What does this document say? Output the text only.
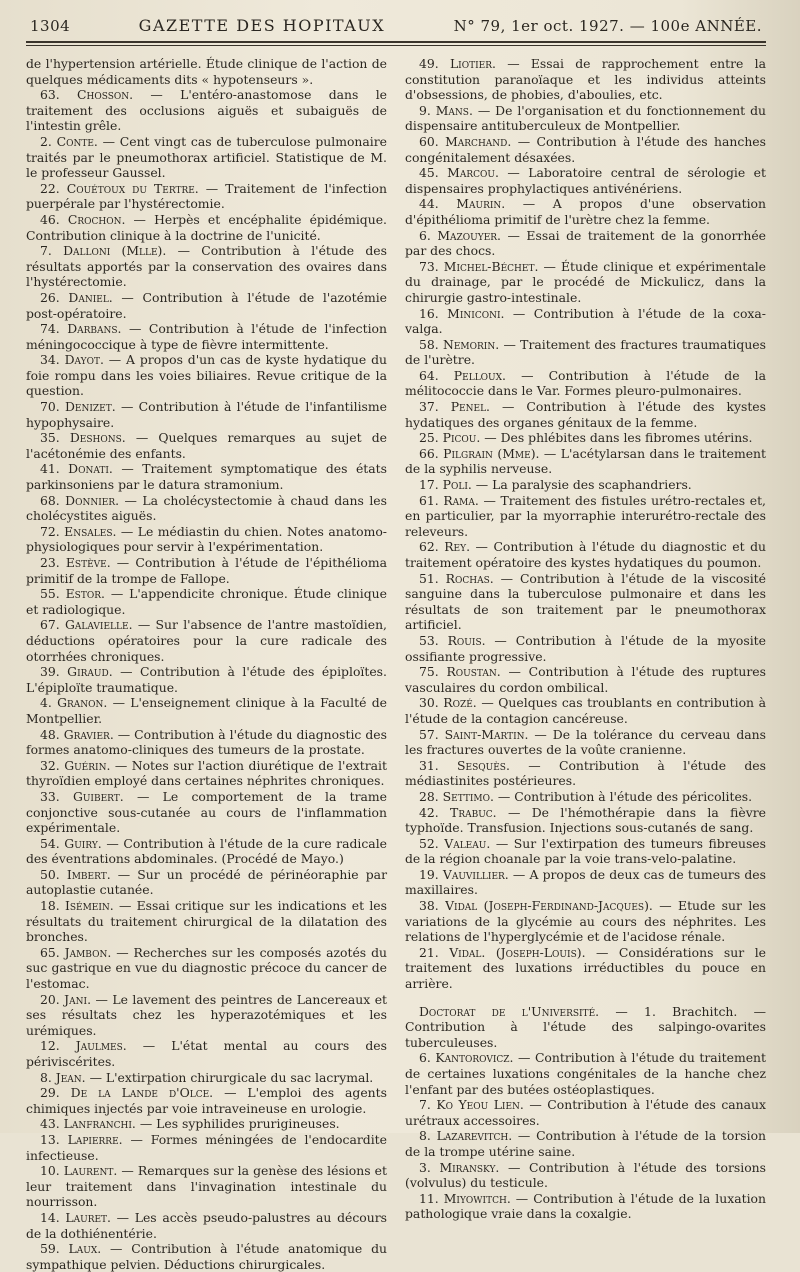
1304	GAZETTE DES HOPITAUX	N° 79, 1er oct. 1927. — 100e ANNÉE.

de l'hypertension artérielle. Étude clinique de l'action de quelques médicaments dits « hypotenseurs ».

63. Chosson. — L'entéro-anastomose dans le traitement des occlusions aiguës et subaiguës de l'intestin grêle.

2. Conte. — Cent vingt cas de tuberculose pulmonaire traités par le pneumothorax artificiel. Statistique de M. le professeur Gaussel.

22. Couétoux du Tertre. — Traitement de l'infection puerpérale par l'hystérectomie.

46. Crochon. — Herpès et encéphalite épidémique. Contribution clinique à la doctrine de l'unicité.

7. Dalloni (Mlle). — Contribution à l'étude des résultats apportés par la conservation des ovaires dans l'hystérectomie.

26. Daniel. — Contribution à l'étude de l'azotémie post-opératoire.

74. Darbans. — Contribution à l'étude de l'infection méningococcique à type de fièvre intermittente.

34. Dayot. — A propos d'un cas de kyste hydatique du foie rompu dans les voies biliaires. Revue critique de la question.

70. Denizet. — Contribution à l'étude de l'infantilisme hypophysaire.

35. Deshons. — Quelques remarques au sujet de l'acétonémie des enfants.

41. Donati. — Traitement symptomatique des états parkinsoniens par le datura stramonium.

68. Donnier. — La cholécystectomie à chaud dans les cholécystites aiguës.

72. Ensales. — Le médiastin du chien. Notes anatomo-physiologiques pour servir à l'expérimentation.

23. Estève. — Contribution à l'étude de l'épithélioma primitif de la trompe de Fallope.

55. Estor. — L'appendicite chronique. Étude clinique et radiologique.

67. Galavielle. — Sur l'absence de l'antre mastoïdien, déductions opératoires pour la cure radicale des otorrhées chroniques.

39. Giraud. — Contribution à l'étude des épiploïtes. L'épiploïte traumatique.

4. Granon. — L'enseignement clinique à la Faculté de Montpellier.

48. Gravier. — Contribution à l'étude du diagnostic des formes anatomo-cliniques des tumeurs de la prostate.

32. Guérin. — Notes sur l'action diurétique de l'extrait thyroïdien employé dans certaines néphrites chroniques.

33. Guibert. — Le comportement de la trame conjonctive sous-cutanée au cours de l'inflammation expérimentale.

54. Guiry. — Contribution à l'étude de la cure radicale des éventrations abdominales. (Procédé de Mayo.)

50. Imbert. — Sur un procédé de périnéoraphie par autoplastie cutanée.

18. Isémein. — Essai critique sur les indications et les résultats du traitement chirurgical de la dilatation des bronches.

65. Jambon. — Recherches sur les composés azotés du suc gastrique en vue du diagnostic précoce du cancer de l'estomac.

20. Jani. — Le lavement des peintres de Lancereaux et ses résultats chez les hyperazotémiques et les urémiques.

12. Jaulmes. — L'état mental au cours des périviscérites.

8. Jean. — L'extirpation chirurgicale du sac lacrymal.

29. De la Lande d'Olce. — L'emploi des agents chimiques injectés par voie intraveineuse en urologie.

43. Lanfranchi. — Les syphilides prurigineuses.

13. Lapierre. — Formes méningées de l'endocardite infectieuse.

10. Laurent. — Remarques sur la genèse des lésions et leur traitement dans l'invagination intestinale du nourrisson.

14. Lauret. — Les accès pseudo-palustres au décours de la dothiénentérie.

59. Laux. — Contribution à l'étude anatomique du sympathique pelvien. Déductions chirurgicales.

49. Liotier. — Essai de rapprochement entre la constitution paranoïaque et les individus atteints d'obsessions, de phobies, d'aboulies, etc.

9. Mans. — De l'organisation et du fonctionnement du dispensaire antituberculeux de Montpellier.

60. Marchand. — Contribution à l'étude des hanches congénitalement désaxées.

45. Marcou. — Laboratoire central de sérologie et dispensaires prophylactiques antivénériens.

44. Maurin. — A propos d'une observation d'épithélioma primitif de l'urètre chez la femme.

6. Mazouyer. — Essai de traitement de la gonorrhée par des chocs.

73. Michel-Béchet. — Étude clinique et expérimentale du drainage, par le procédé de Mickulicz, dans la chirurgie gastro-intestinale.

16. Miniconi. — Contribution à l'étude de la coxa-valga.

58. Nemorin. — Traitement des fractures traumatiques de l'urètre.

64. Pelloux. — Contribution à l'étude de la mélitococcie dans le Var. Formes pleuro-pulmonaires.

37. Penel. — Contribution à l'étude des kystes hydatiques des organes génitaux de la femme.

25. Picou. — Des phlébites dans les fibromes utérins.

66. Pilgrain (Mme). — L'acétylarsan dans le traitement de la syphilis nerveuse.

17. Poli. — La paralysie des scaphandriers.

61. Rama. — Traitement des fistules urétro-rectales et, en particulier, par la myorraphie interurétro-rectale des releveurs.

62. Rey. — Contribution à l'étude du diagnostic et du traitement opératoire des kystes hydatiques du poumon.

51. Rochas. — Contribution à l'étude de la viscosité sanguine dans la tuberculose pulmonaire et dans les résultats de son traitement par le pneumothorax artificiel.

53. Rouis. — Contribution à l'étude de la myosite ossifiante progressive.

75. Roustan. — Contribution à l'étude des ruptures vasculaires du cordon ombilical.

30. Rozé. — Quelques cas troublants en contribution à l'étude de la contagion cancéreuse.

57. Saint-Martin. — De la tolérance du cerveau dans les fractures ouvertes de la voûte cranienne.

31. Sesquès. — Contribution à l'étude des médiastinites postérieures.

28. Settimo. — Contribution à l'étude des péricolites.

42. Trabuc. — De l'hémothérapie dans la fièvre typhoïde. Transfusion. Injections sous-cutanés de sang.

52. Valeau. — Sur l'extirpation des tumeurs fibreuses de la région choanale par la voie trans-velo-palatine.

19. Vauvillier. — A propos de deux cas de tumeurs des maxillaires.

38. Vidal (Joseph-Ferdinand-Jacques). — Etude sur les variations de la glycémie au cours des néphrites. Les relations de l'hyperglycémie et de l'acidose rénale.

21. Vidal. (Joseph-Louis). — Considérations sur le traitement des luxations irréductibles du pouce en arrière.

Doctorat de l'Université. — 1. Brachitch. — Contribution à l'étude des salpingo-ovarites tuberculeuses.

6. Kantorovicz. — Contribution à l'étude du traitement de certaines luxations congénitales de la hanche chez l'enfant par des butées ostéoplastiques.

7. Ko Yeou Lien. — Contribution à l'étude des canaux urétraux accessoires.

8. Lazarevitch. — Contribution à l'étude de la torsion de la trompe utérine saine.

3. Miransky. — Contribution à l'étude des torsions (volvulus) du testicule.

11. Miyowitch. — Contribution à l'étude de la luxation pathologique vraie dans la coxalgie.
